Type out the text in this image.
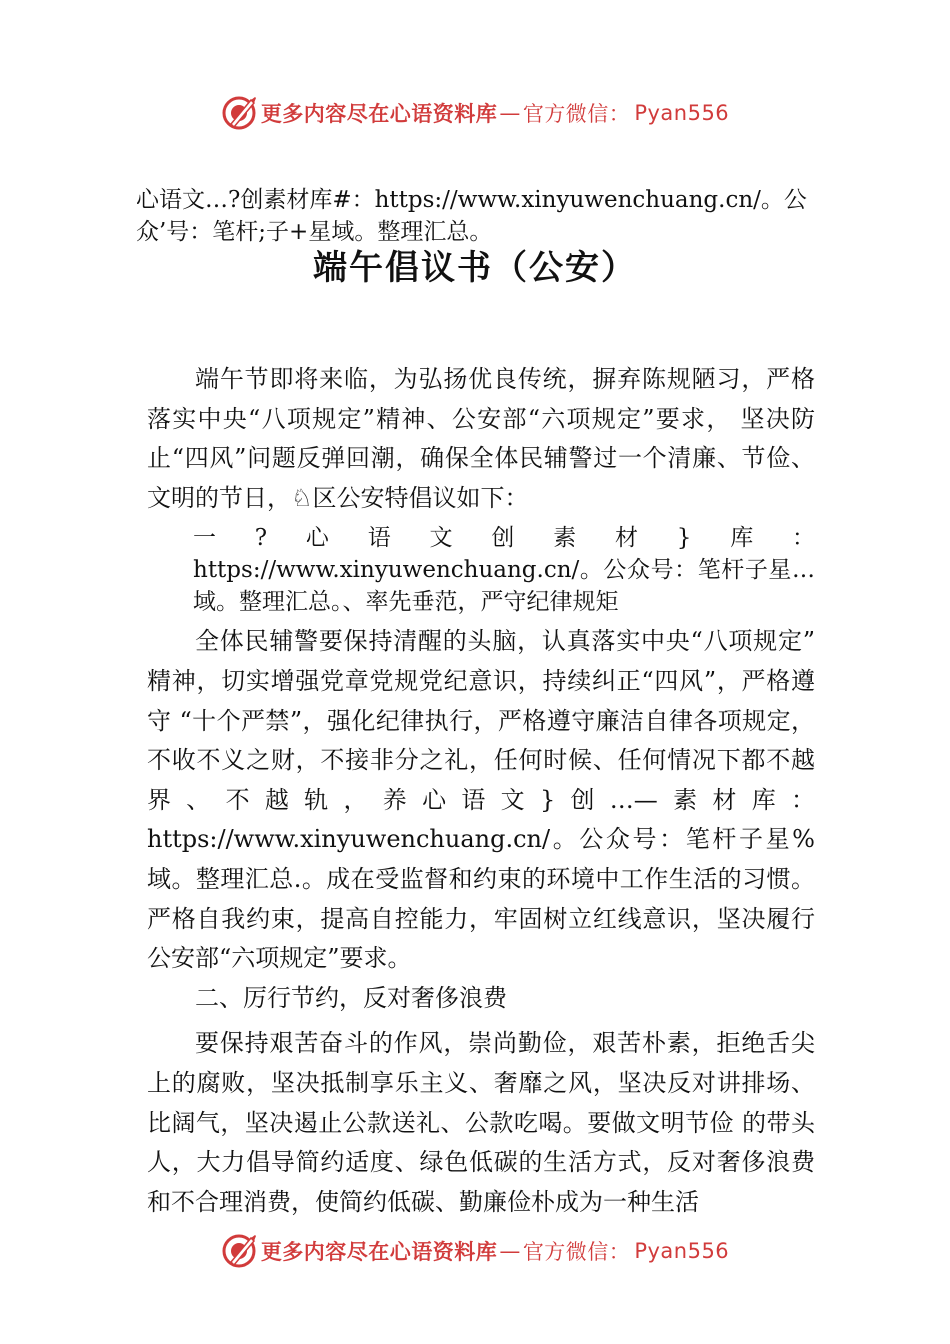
更多内容尽在心语资料库 — 官方微信： Pyan556
心语文…?创素材库#：https://www.xinyuwenchuang.cn/。公众’号：笔杆;子+星域。整理汇总。
端午倡议书（公安）

端午节即将来临，为弘扬优良传统，摒弃陈规陋习，严格落实中央“八项规定”精神、公安部“六项规定”要求， 坚决防止“四风”问题反弹回潮，确保全体民辅警过一个清廉、节俭、文明的节日，♘区公安特倡议如下：

一?心语文创素材}库：https://www.xinyuwenchuang.cn/。公众号：笔杆子星…域。整理汇总。、率先垂范，严守纪律规矩

全体民辅警要保持清醒的头脑，认真落实中央“八项规定” 精神，切实增强党章党规党纪意识，持续纠正“四风”，严格遵守 “十个严禁”，强化纪律执行，严格遵守廉洁自律各项规定，不收不义之财，不接非分之礼，任何时候、任何情况下都不越界、不越轨，养心语文}创…—素材库：https://www.xinyuwenchuang.cn/。公众号：笔杆子星%域。整理汇总.。成在受监督和约束的环境中工作生活的习惯。严格自我约束，提高自控能力，牢固树立红线意识，坚决履行公安部“六项规定”要求。

二、厉行节约，反对奢侈浪费

要保持艰苦奋斗的作风，崇尚勤俭，艰苦朴素，拒绝舌尖上的腐败，坚决抵制享乐主义、奢靡之风，坚决反对讲排场、比阔气，坚决遏止公款送礼、公款吃喝。要做文明节俭 的带头人，大力倡导简约适度、绿色低碳的生活方式，反对奢侈浪费和不合理消费，使简约低碳、勤廉俭朴成为一种生活

更多内容尽在心语资料库 — 官方微信： Pyan556
